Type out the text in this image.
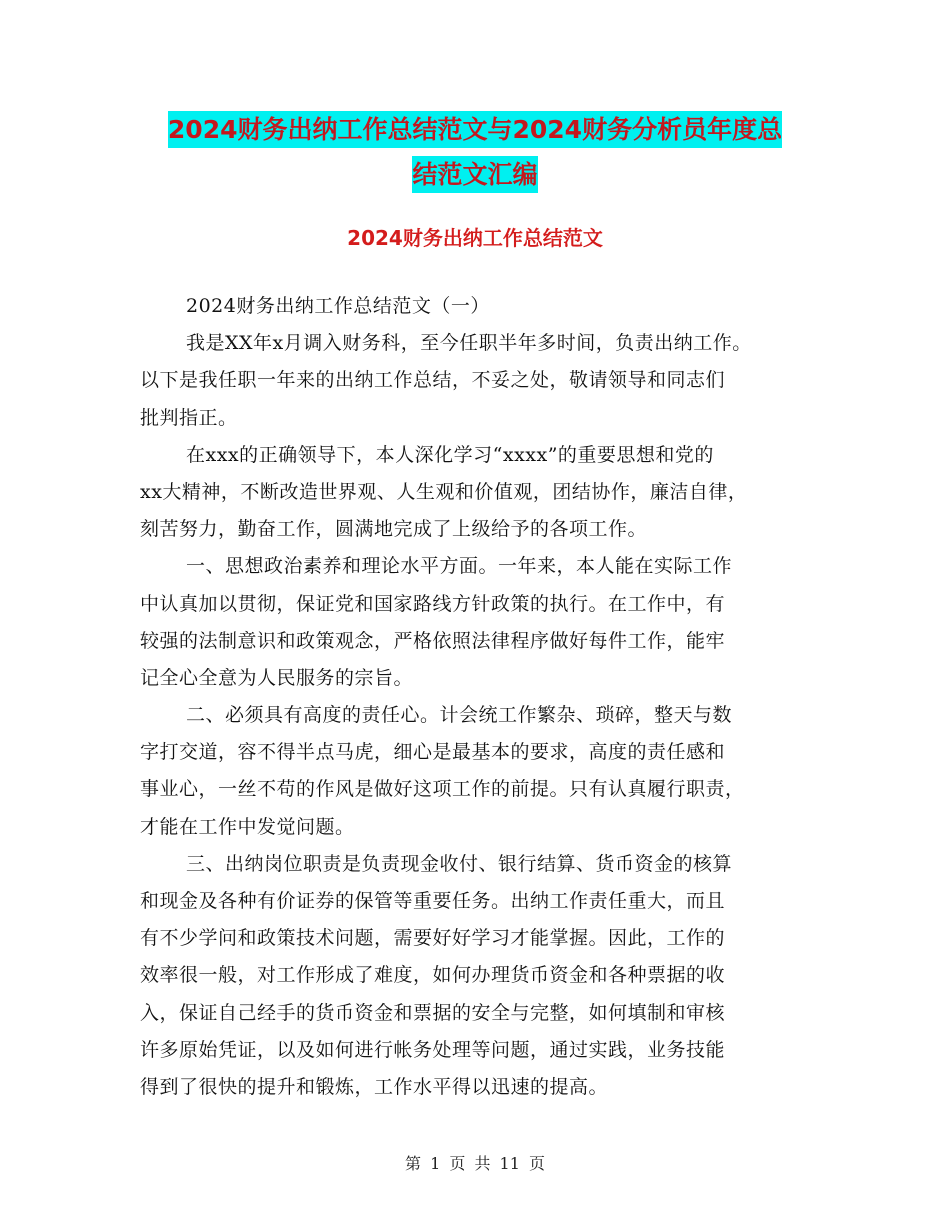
2024财务出纳工作总结范文与2024财务分析员年度总
结范文汇编
2024财务出纳工作总结范文
2024财务出纳工作总结范文（一）
我是XX年x月调入财务科，至今任职半年多时间，负责出纳工作。
以下是我任职一年来的出纳工作总结，不妥之处，敬请领导和同志们
批判指正。
在xxx的正确领导下，本人深化学习“xxxx”的重要思想和党的
xx大精神，不断改造世界观、人生观和价值观，团结协作，廉洁自律，
刻苦努力，勤奋工作，圆满地完成了上级给予的各项工作。
一、思想政治素养和理论水平方面。一年来，本人能在实际工作
中认真加以贯彻，保证党和国家路线方针政策的执行。在工作中，有
较强的法制意识和政策观念，严格依照法律程序做好每件工作，能牢
记全心全意为人民服务的宗旨。
二、必须具有高度的责任心。计会统工作繁杂、琐碎，整天与数
字打交道，容不得半点马虎，细心是最基本的要求，高度的责任感和
事业心，一丝不苟的作风是做好这项工作的前提。只有认真履行职责，
才能在工作中发觉问题。
三、出纳岗位职责是负责现金收付、银行结算、货币资金的核算
和现金及各种有价证券的保管等重要任务。出纳工作责任重大，而且
有不少学问和政策技术问题，需要好好学习才能掌握。因此，工作的
效率很一般，对工作形成了难度，如何办理货币资金和各种票据的收
入，保证自己经手的货币资金和票据的安全与完整，如何填制和审核
许多原始凭证，以及如何进行帐务处理等问题，通过实践，业务技能
得到了很快的提升和锻炼，工作水平得以迅速的提高。
第 1 页 共 11 页
